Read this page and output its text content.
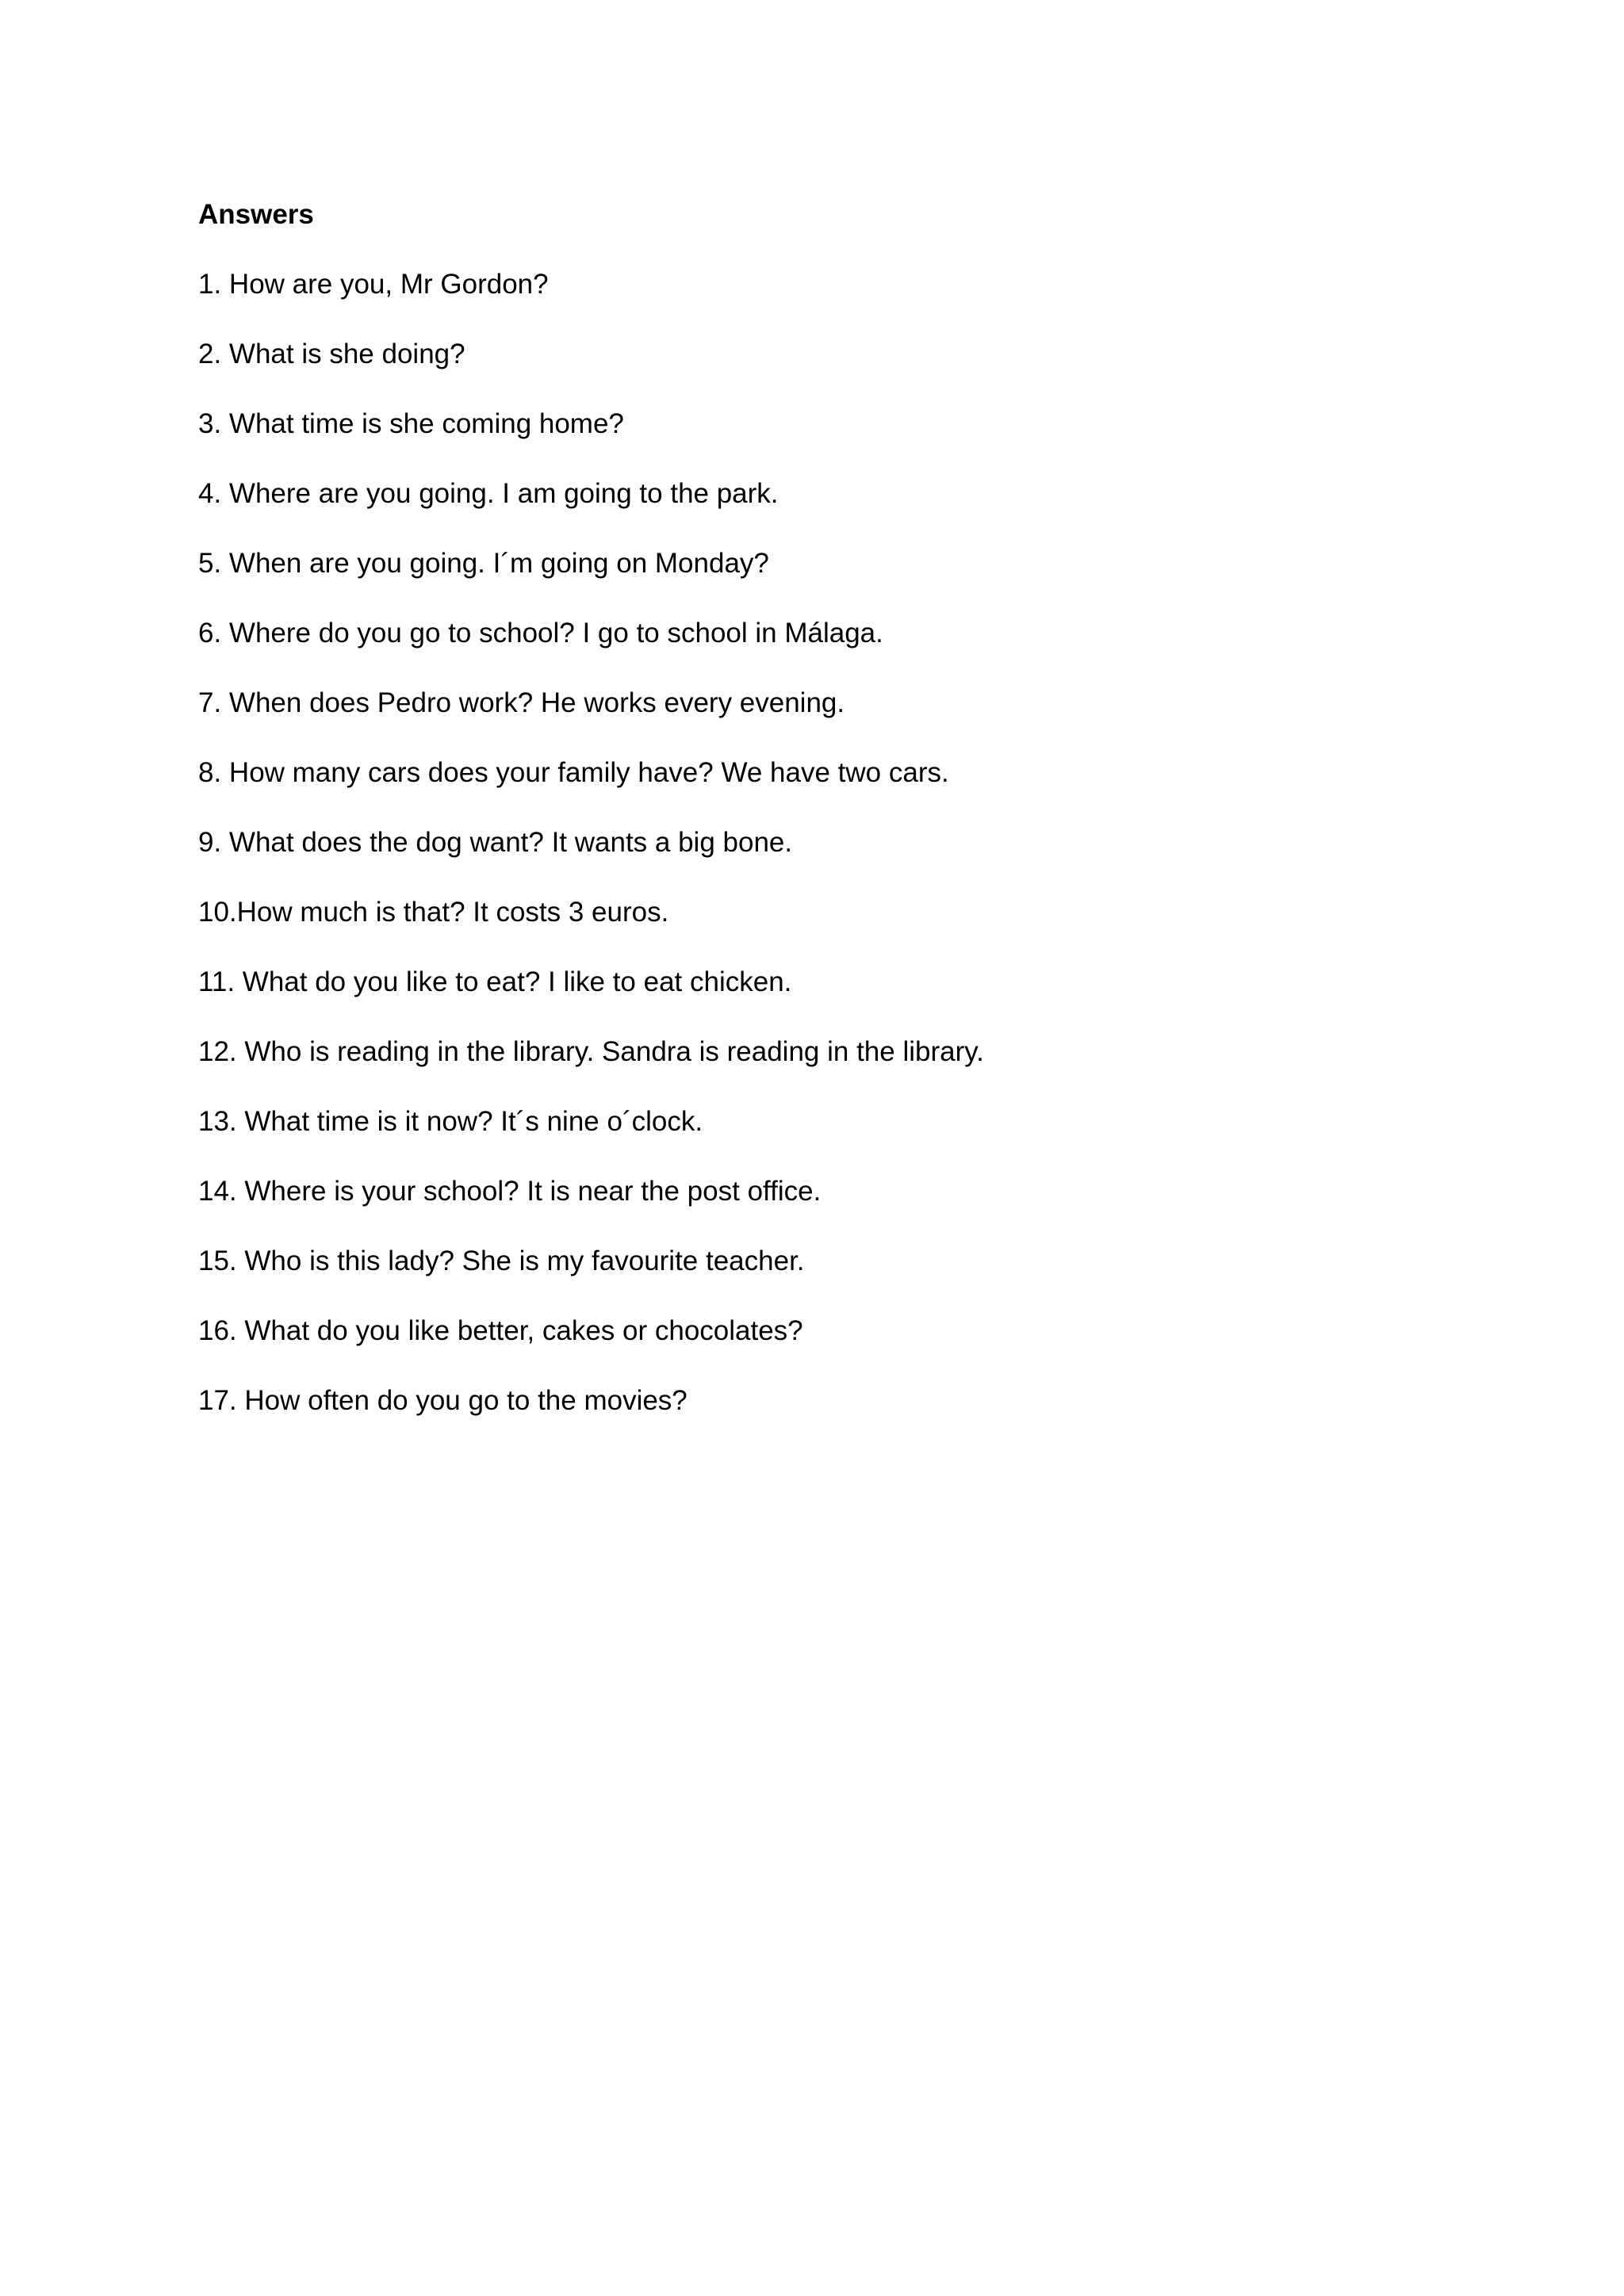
Answers
1. How are you, Mr Gordon?
2. What is she doing?
3. What time is she coming home?
4. Where are you going. I am going to the park.
5. When are you going. I´m going on Monday?
6. Where do you go to school? I go to school in Málaga.
7. When does Pedro work? He works every evening.
8. How many cars does your family have? We have two cars.
9. What does the dog want? It wants a big bone.
10.How much is that? It costs 3 euros.
11. What do you like to eat? I like to eat chicken.
12. Who is reading in the library. Sandra is reading in the library.
13. What time is it now? It´s nine o´clock.
14. Where is your school? It is near the post office.
15. Who is this lady? She is my favourite teacher.
16. What do you like better, cakes or chocolates?
17. How often do you go to the movies?
